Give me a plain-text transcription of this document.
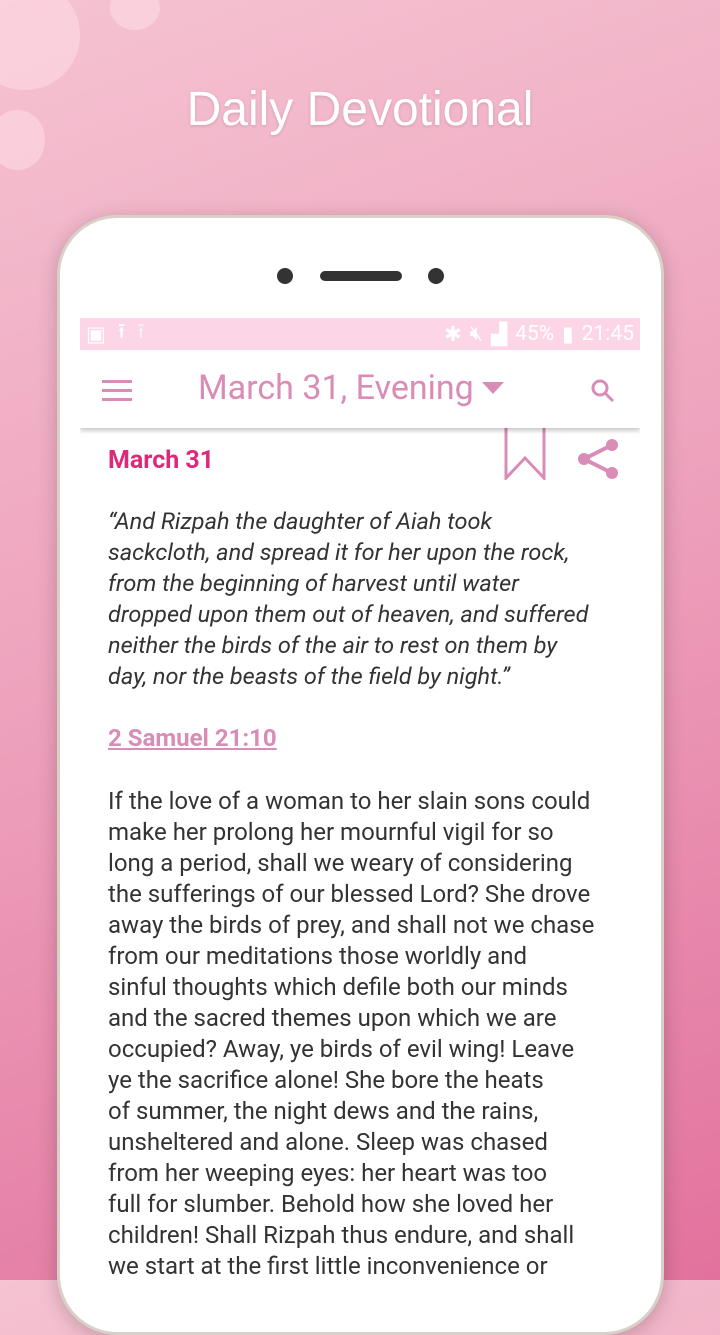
Daily Devotional
▣ ⭱ ⭱	✱ 🔇︎ ▟ 45% ▮ 21:45
March 31, Evening
March 31
“And Rizpah the daughter of Aiah took
sackcloth, and spread it for her upon the rock,
from the beginning of harvest until water
dropped upon them out of heaven, and suffered
neither the birds of the air to rest on them by
day, nor the beasts of the field by night.”
2 Samuel 21:10
If the love of a woman to her slain sons could
make her prolong her mournful vigil for so
long a period, shall we weary of considering
the sufferings of our blessed Lord? She drove
away the birds of prey, and shall not we chase
from our meditations those worldly and
sinful thoughts which defile both our minds
and the sacred themes upon which we are
occupied? Away, ye birds of evil wing! Leave
ye the sacrifice alone! She bore the heats
of summer, the night dews and the rains,
unsheltered and alone. Sleep was chased
from her weeping eyes: her heart was too
full for slumber. Behold how she loved her
children! Shall Rizpah thus endure, and shall
we start at the first little inconvenience or
